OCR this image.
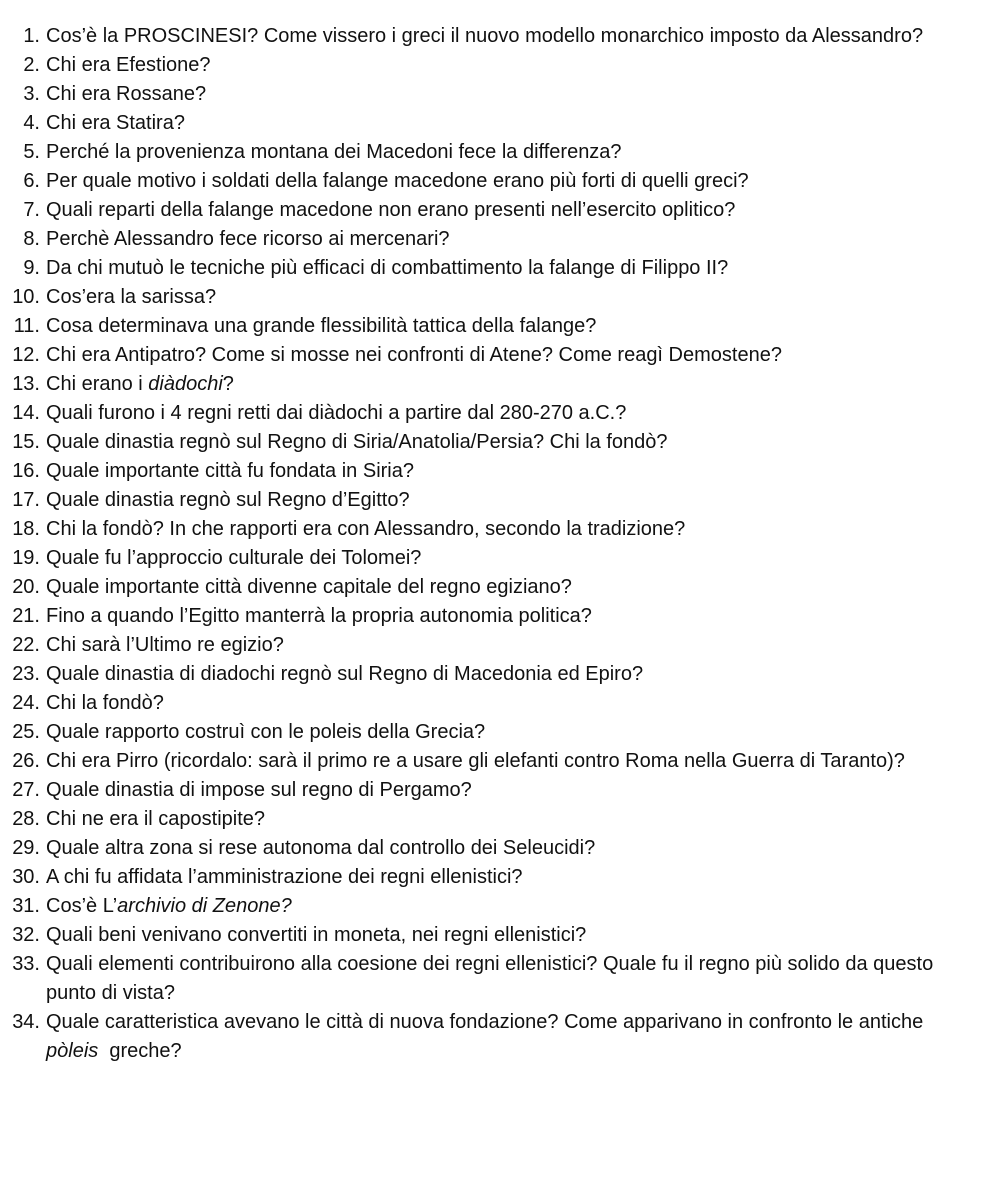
1. Cos’è la PROSCINESI? Come vissero i greci il nuovo modello monarchico imposto da Alessandro?
2. Chi era Efestione?
3. Chi era Rossane?
4. Chi era Statira?
5. Perché la provenienza montana dei Macedoni fece la differenza?
6. Per quale motivo i soldati della falange macedone erano più forti di quelli greci?
7. Quali reparti della falange macedone non erano presenti nell’esercito oplitico?
8. Perchè Alessandro fece ricorso ai mercenari?
9. Da chi mutuò le tecniche più efficaci di combattimento la falange di Filippo II?
10. Cos’era la sarissa?
11. Cosa determinava una grande flessibilità tattica della falange?
12. Chi era Antipatro? Come si mosse nei confronti di Atene? Come reagì Demostene?
13. Chi erano i diàdochi?
14. Quali furono i 4 regni retti dai diàdochi a partire dal 280-270 a.C.?
15. Quale dinastia regnò sul Regno di Siria/Anatolia/Persia? Chi la fondò?
16. Quale importante città fu fondata in Siria?
17. Quale dinastia regnò sul Regno d’Egitto?
18. Chi la fondò? In che rapporti era con Alessandro, secondo la tradizione?
19. Quale fu l’approccio culturale dei Tolomei?
20. Quale importante città divenne capitale del regno egiziano?
21. Fino a quando l’Egitto manterrà la propria autonomia politica?
22. Chi sarà l’Ultimo re egizio?
23. Quale dinastia di diadochi regnò sul Regno di Macedonia ed Epiro?
24. Chi la fondò?
25. Quale rapporto costruì con le poleis della Grecia?
26. Chi era Pirro (ricordalo: sarà il primo re a usare gli elefanti contro Roma nella Guerra di Taranto)?
27. Quale dinastia di impose sul regno di Pergamo?
28. Chi ne era il capostipite?
29. Quale altra zona si rese autonoma dal controllo dei Seleucidi?
30. A chi fu affidata l’amministrazione dei regni ellenistici?
31. Cos’è L’archivio di Zenone?
32. Quali beni venivano convertiti in moneta, nei regni ellenistici?
33. Quali elementi contribuirono alla coesione dei regni ellenistici? Quale fu il regno più solido da questo punto di vista?
34. Quale caratteristica avevano le città di nuova fondazione? Come apparivano in confronto le antiche pòleis  greche?
